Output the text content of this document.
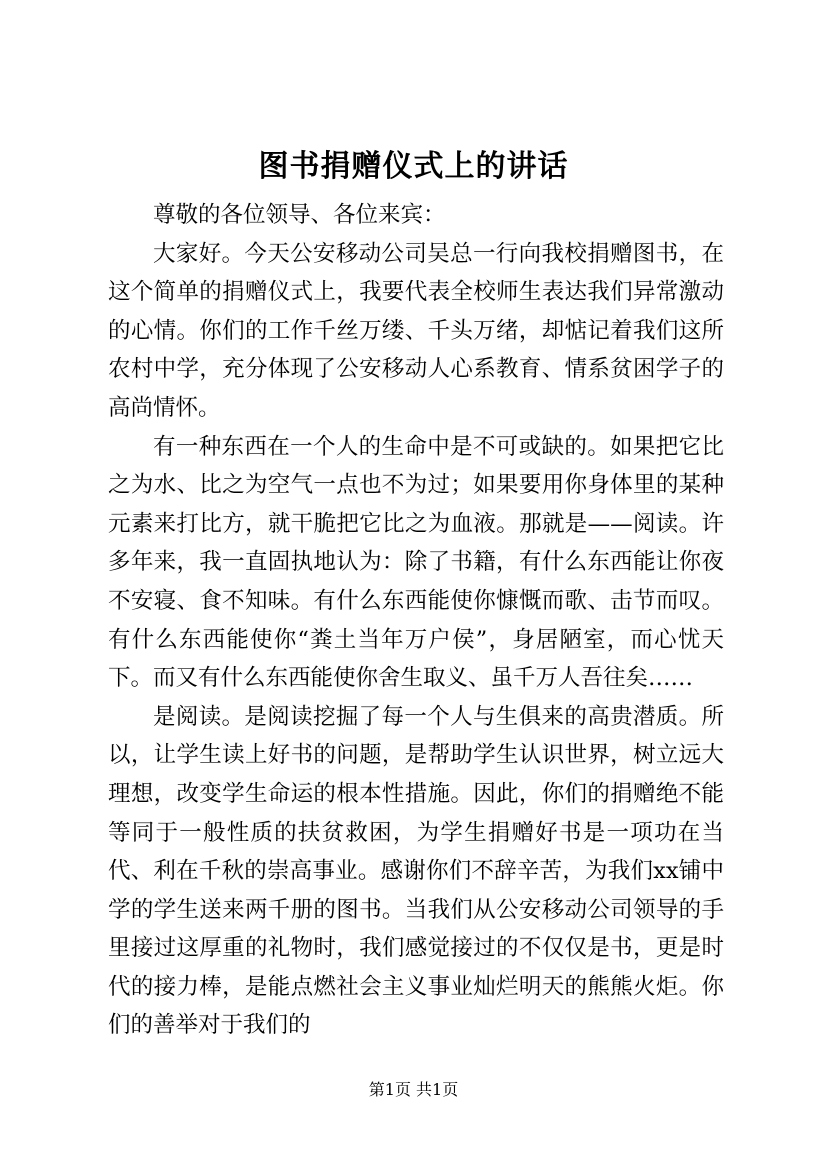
图书捐赠仪式上的讲话

尊敬的各位领导、各位来宾：

大家好。今天公安移动公司吴总一行向我校捐赠图书，在这个简单的捐赠仪式上，我要代表全校师生表达我们异常激动的心情。你们的工作千丝万缕、千头万绪，却惦记着我们这所农村中学，充分体现了公安移动人心系教育、情系贫困学子的高尚情怀。

有一种东西在一个人的生命中是不可或缺的。如果把它比之为水、比之为空气一点也不为过；如果要用你身体里的某种元素来打比方，就干脆把它比之为血液。那就是——阅读。许多年来，我一直固执地认为：除了书籍，有什么东西能让你夜不安寝、食不知味。有什么东西能使你慷慨而歌、击节而叹。有什么东西能使你“粪土当年万户侯”，身居陋室，而心忧天下。而又有什么东西能使你舍生取义、虽千万人吾往矣……

是阅读。是阅读挖掘了每一个人与生俱来的高贵潜质。所以，让学生读上好书的问题，是帮助学生认识世界，树立远大理想，改变学生命运的根本性措施。因此，你们的捐赠绝不能等同于一般性质的扶贫救困，为学生捐赠好书是一项功在当代、利在千秋的崇高事业。感谢你们不辞辛苦，为我们xx铺中学的学生送来两千册的图书。当我们从公安移动公司领导的手里接过这厚重的礼物时，我们感觉接过的不仅仅是书，更是时代的接力棒，是能点燃社会主义事业灿烂明天的熊熊火炬。你们的善举对于我们的

第1页 共1页
